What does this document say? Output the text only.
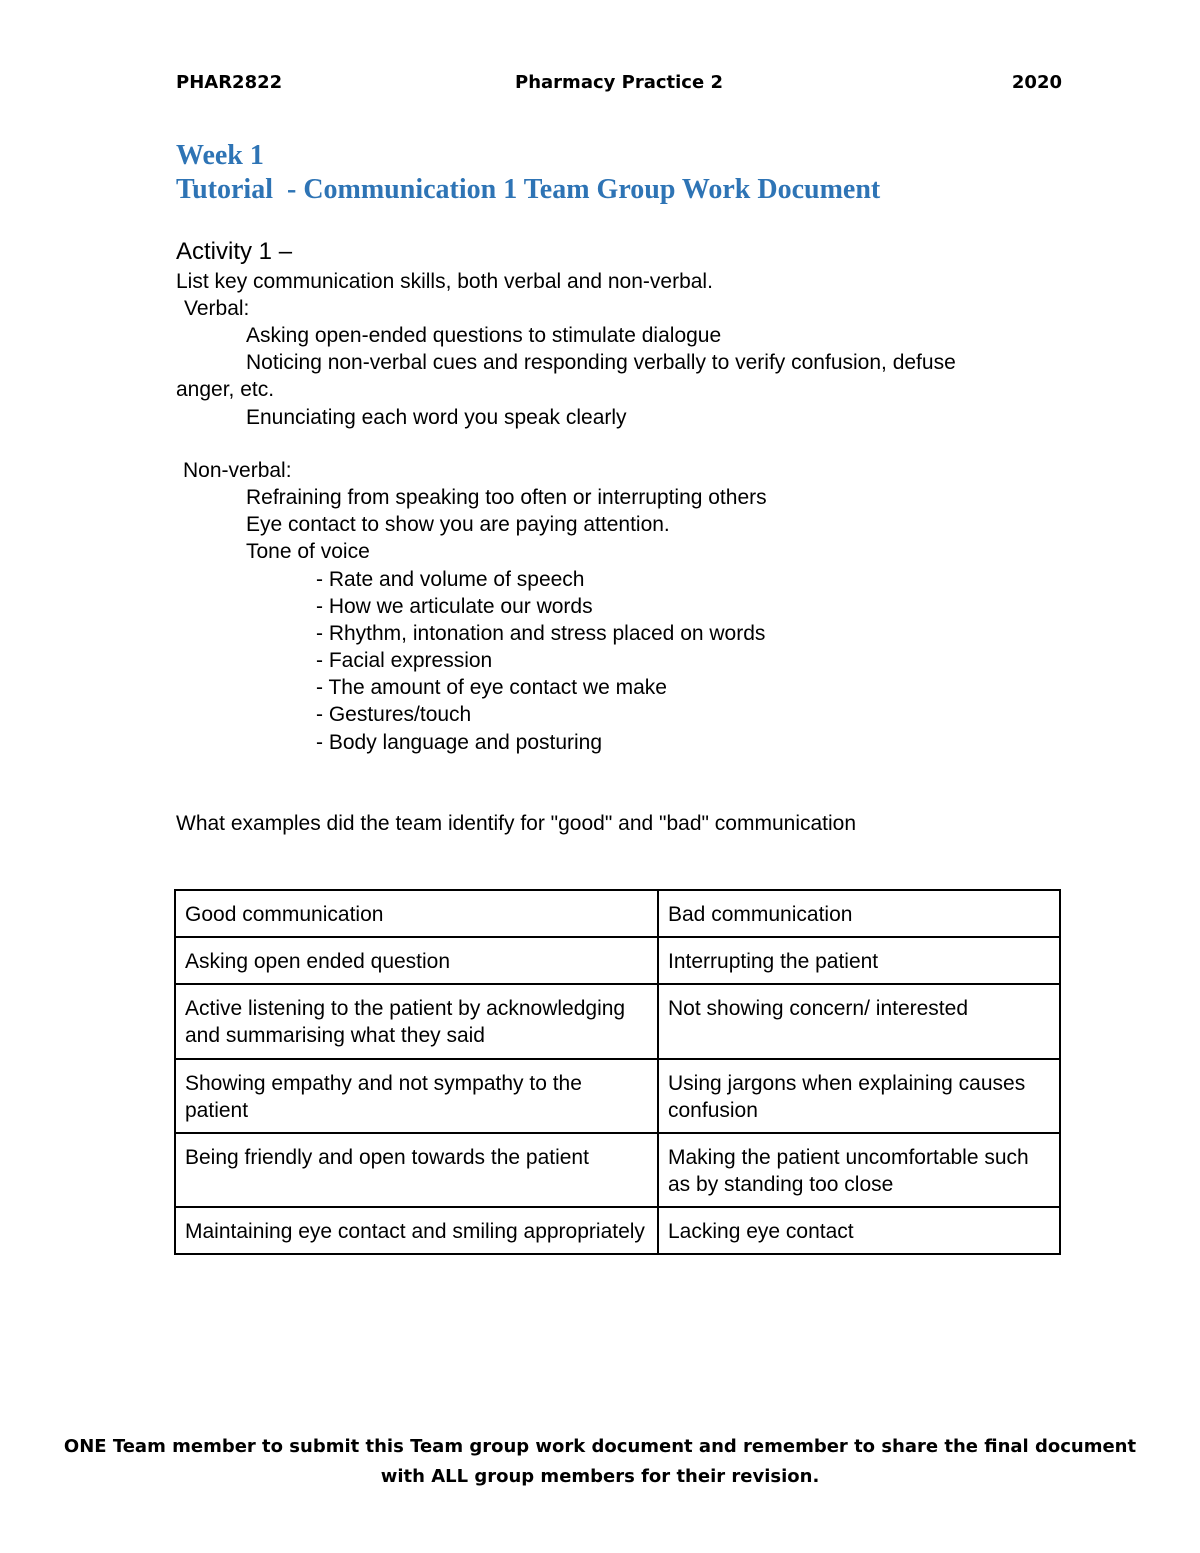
PHAR2822	Pharmacy Practice 2	2020
Week 1
Tutorial  - Communication 1 Team Group Work Document
Activity 1 –
List key communication skills, both verbal and non-verbal.
Verbal:
Asking open-ended questions to stimulate dialogue
Noticing non-verbal cues and responding verbally to verify confusion, defuse
anger, etc.
Enunciating each word you speak clearly
Non-verbal:
Refraining from speaking too often or interrupting others
Eye contact to show you are paying attention.
Tone of voice
- Rate and volume of speech
- How we articulate our words
- Rhythm, intonation and stress placed on words
- Facial expression
- The amount of eye contact we make
- Gestures/touch
- Body language and posturing
What examples did the team identify for "good" and "bad" communication
Good communication	Bad communication
Asking open ended question	Interrupting the patient
Active listening to the patient by acknowledging and summarising what they said	Not showing concern/ interested
Showing empathy and not sympathy to the patient	Using jargons when explaining causes confusion
Being friendly and open towards the patient	Making the patient uncomfortable such as by standing too close
Maintaining eye contact and smiling appropriately	Lacking eye contact
ONE Team member to submit this Team group work document and remember to share the final document
with ALL group members for their revision.
